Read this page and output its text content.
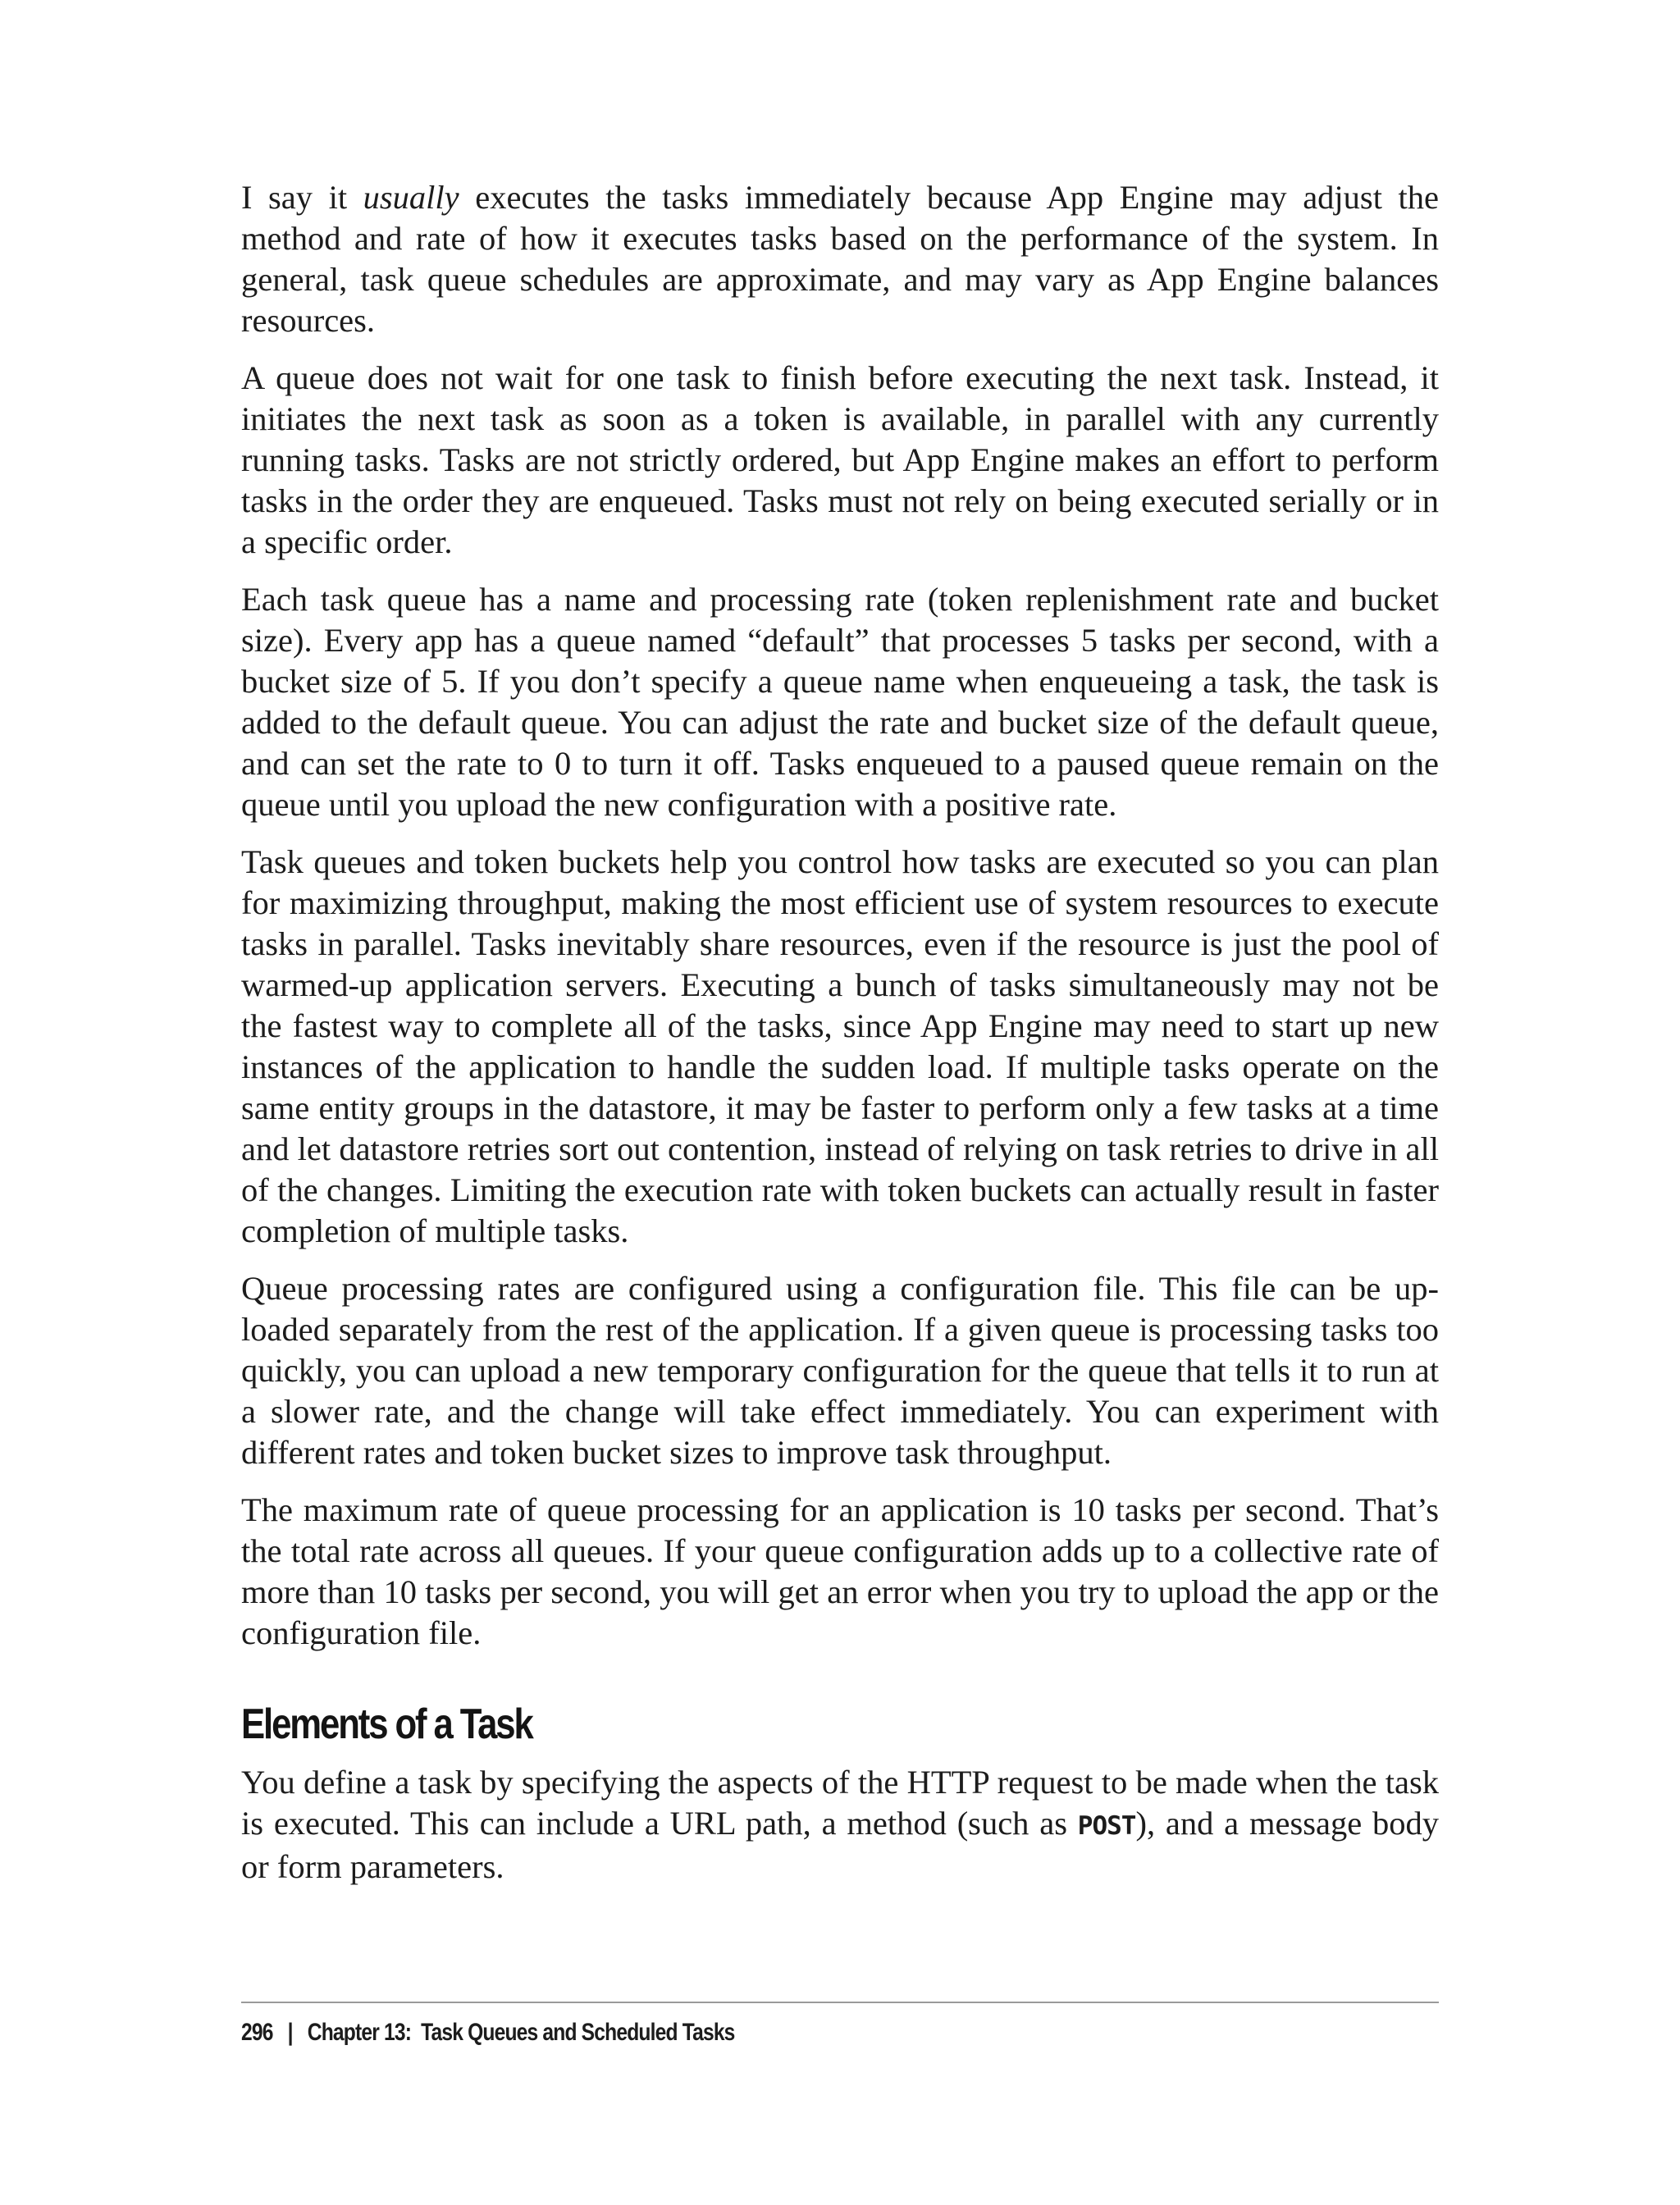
I say it usually executes the tasks immediately because App Engine may adjust the method and rate of how it executes tasks based on the performance of the system. In general, task queue schedules are approximate, and may vary as App Engine balances resources.

A queue does not wait for one task to finish before executing the next task. Instead, it initiates the next task as soon as a token is available, in parallel with any currently running tasks. Tasks are not strictly ordered, but App Engine makes an effort to perform tasks in the order they are enqueued. Tasks must not rely on being executed serially or in a specific order.

Each task queue has a name and processing rate (token replenishment rate and bucket size). Every app has a queue named “default” that processes 5 tasks per second, with a bucket size of 5. If you don’t specify a queue name when enqueueing a task, the task is added to the default queue. You can adjust the rate and bucket size of the default queue, and can set the rate to 0 to turn it off. Tasks enqueued to a paused queue remain on the queue until you upload the new configuration with a positive rate.

Task queues and token buckets help you control how tasks are executed so you can plan for maximizing throughput, making the most efficient use of system resources to execute tasks in parallel. Tasks inevitably share resources, even if the resource is just the pool of warmed-up application servers. Executing a bunch of tasks simultaneously may not be the fastest way to complete all of the tasks, since App Engine may need to start up new instances of the application to handle the sudden load. If multiple tasks operate on the same entity groups in the datastore, it may be faster to perform only a few tasks at a time and let datastore retries sort out contention, instead of relying on task retries to drive in all of the changes. Limiting the execution rate with token buckets can actually result in faster completion of multiple tasks.

Queue processing rates are configured using a configuration file. This file can be uploaded separately from the rest of the application. If a given queue is processing tasks too quickly, you can upload a new temporary configuration for the queue that tells it to run at a slower rate, and the change will take effect immediately. You can experiment with different rates and token bucket sizes to improve task throughput.

The maximum rate of queue processing for an application is 10 tasks per second. That’s the total rate across all queues. If your queue configuration adds up to a collective rate of more than 10 tasks per second, you will get an error when you try to upload the app or the configuration file.

Elements of a Task

You define a task by specifying the aspects of the HTTP request to be made when the task is executed. This can include a URL path, a method (such as POST), and a message body or form parameters.

296 | Chapter 13:  Task Queues and Scheduled Tasks
